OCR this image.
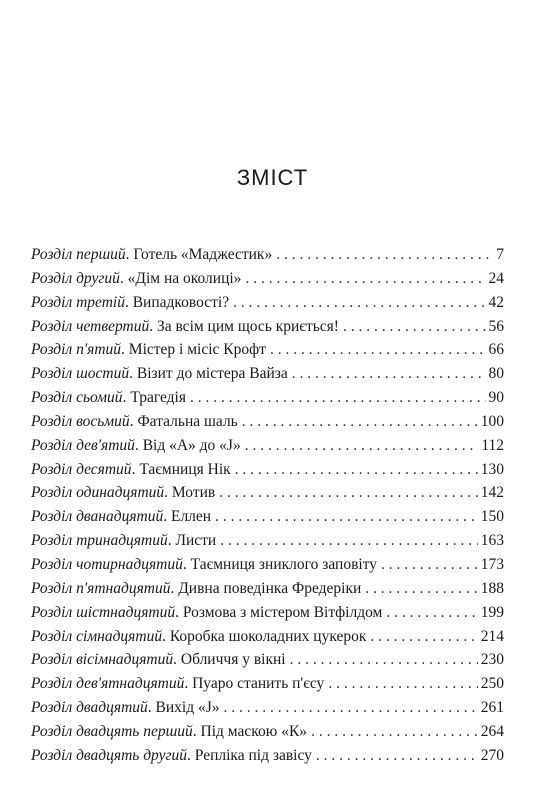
ЗМІСТ
Розділ перший . Готель «Маджестик» . . .	7
Розділ другий . «Дім на околиці» . . .	24
Розділ третій . Випадковості? . . .	42
Розділ четвертий . За всім цим щось криється! . . .	56
Розділ п'ятий . Містер і місіс Крофт . . .	66
Розділ шостий . Візит до містера Вайза . . .	80
Розділ сьомий . Трагедія . . .	90
Розділ восьмий . Фатальна шаль . . .	100
Розділ дев'ятий . Від «А» до «J» . . .	112
Розділ десятий . Таємниця Нік . . .	130
Розділ одинадцятий . Мотив . . .	142
Розділ дванадцятий . Еллен . . .	150
Розділ тринадцятий . Листи . . .	163
Розділ чотирнадцятий . Таємниця зниклого заповіту . . .	173
Розділ п'ятнадцятий . Дивна поведінка Фредеріки . . .	188
Розділ шістнадцятий . Розмова з містером Вітфілдом . . .	199
Розділ сімнадцятий . Коробка шоколадних цукерок . . .	214
Розділ вісімнадцятий . Обличчя у вікні . . .	230
Розділ дев'ятнадцятий . Пуаро станить п'єсу . . .	250
Розділ двадцятий . Вихід «J» . . .	261
Розділ двадцять перший . Під маскою «К» . . .	264
Розділ двадцять другий . Репліка під завісу . . .	270
